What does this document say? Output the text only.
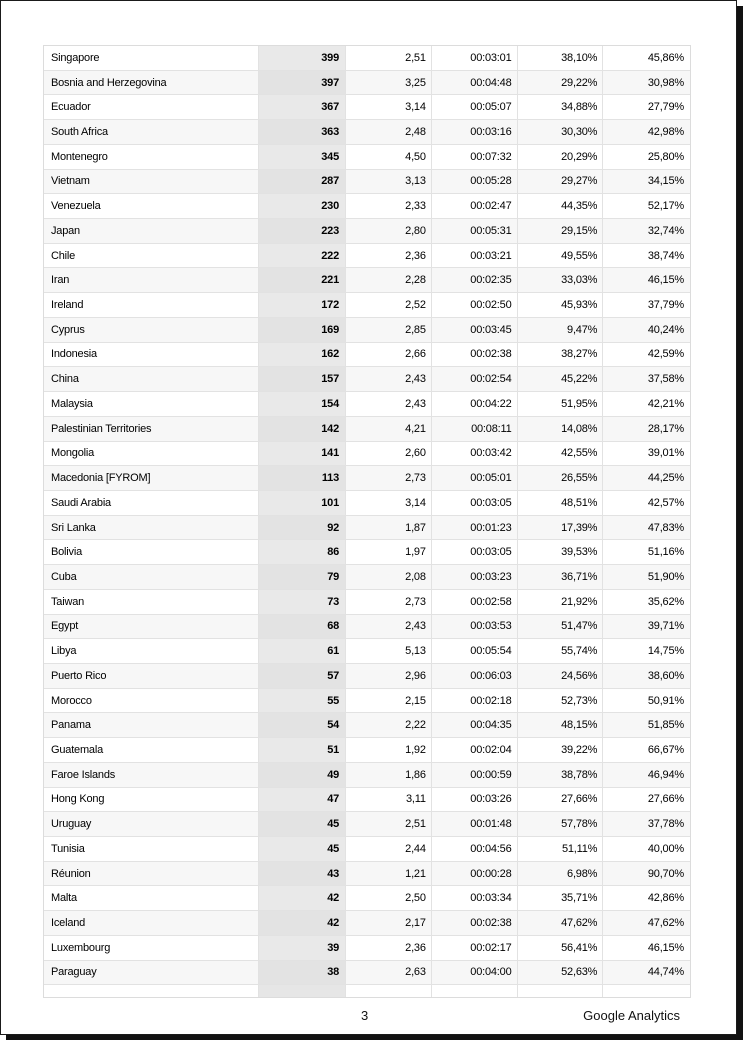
Singapore	399	2,51	00:03:01	38,10%	45,86%
Bosnia and Herzegovina	397	3,25	00:04:48	29,22%	30,98%
Ecuador	367	3,14	00:05:07	34,88%	27,79%
South Africa	363	2,48	00:03:16	30,30%	42,98%
Montenegro	345	4,50	00:07:32	20,29%	25,80%
Vietnam	287	3,13	00:05:28	29,27%	34,15%
Venezuela	230	2,33	00:02:47	44,35%	52,17%
Japan	223	2,80	00:05:31	29,15%	32,74%
Chile	222	2,36	00:03:21	49,55%	38,74%
Iran	221	2,28	00:02:35	33,03%	46,15%
Ireland	172	2,52	00:02:50	45,93%	37,79%
Cyprus	169	2,85	00:03:45	9,47%	40,24%
Indonesia	162	2,66	00:02:38	38,27%	42,59%
China	157	2,43	00:02:54	45,22%	37,58%
Malaysia	154	2,43	00:04:22	51,95%	42,21%
Palestinian Territories	142	4,21	00:08:11	14,08%	28,17%
Mongolia	141	2,60	00:03:42	42,55%	39,01%
Macedonia [FYROM]	113	2,73	00:05:01	26,55%	44,25%
Saudi Arabia	101	3,14	00:03:05	48,51%	42,57%
Sri Lanka	92	1,87	00:01:23	17,39%	47,83%
Bolivia	86	1,97	00:03:05	39,53%	51,16%
Cuba	79	2,08	00:03:23	36,71%	51,90%
Taiwan	73	2,73	00:02:58	21,92%	35,62%
Egypt	68	2,43	00:03:53	51,47%	39,71%
Libya	61	5,13	00:05:54	55,74%	14,75%
Puerto Rico	57	2,96	00:06:03	24,56%	38,60%
Morocco	55	2,15	00:02:18	52,73%	50,91%
Panama	54	2,22	00:04:35	48,15%	51,85%
Guatemala	51	1,92	00:02:04	39,22%	66,67%
Faroe Islands	49	1,86	00:00:59	38,78%	46,94%
Hong Kong	47	3,11	00:03:26	27,66%	27,66%
Uruguay	45	2,51	00:01:48	57,78%	37,78%
Tunisia	45	2,44	00:04:56	51,11%	40,00%
Réunion	43	1,21	00:00:28	6,98%	90,70%
Malta	42	2,50	00:03:34	35,71%	42,86%
Iceland	42	2,17	00:02:38	47,62%	47,62%
Luxembourg	39	2,36	00:02:17	56,41%	46,15%
Paraguay	38	2,63	00:04:00	52,63%	44,74%
3	Google Analytics
